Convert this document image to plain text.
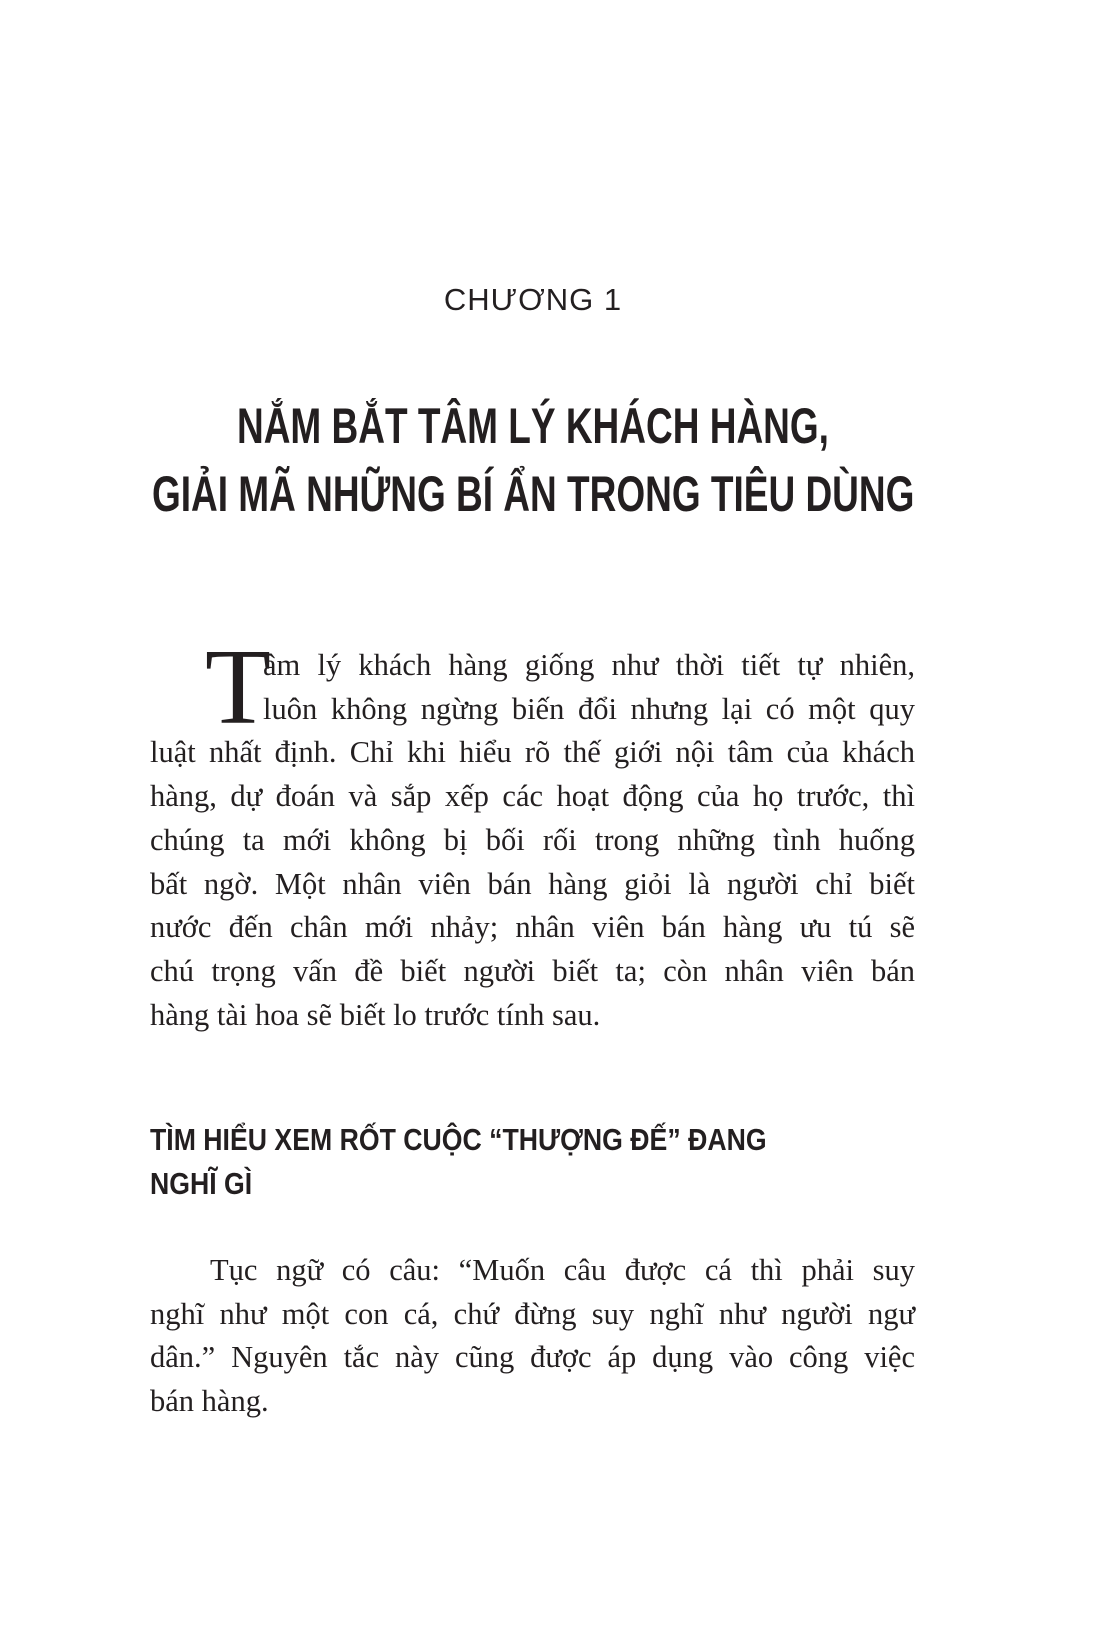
CHƯƠNG 1
NẮM BẮT TÂM LÝ KHÁCH HÀNG,
GIẢI MÃ NHỮNG BÍ ẨN TRONG TIÊU DÙNG
T
âm lý khách hàng giống như thời tiết tự nhiên,
luôn không ngừng biến đổi nhưng lại có một quy
luật nhất định. Chỉ khi hiểu rõ thế giới nội tâm của khách
hàng, dự đoán và sắp xếp các hoạt động của họ trước, thì
chúng ta mới không bị bối rối trong những tình huống
bất ngờ. Một nhân viên bán hàng giỏi là người chỉ biết
nước đến chân mới nhảy; nhân viên bán hàng ưu tú sẽ
chú trọng vấn đề biết người biết ta; còn nhân viên bán
hàng tài hoa sẽ biết lo trước tính sau.
TÌM HIỂU XEM RỐT CUỘC “THƯỢNG ĐẾ” ĐANG
NGHĨ GÌ
Tục ngữ có câu: “Muốn câu được cá thì phải suy
nghĩ như một con cá, chứ đừng suy nghĩ như người ngư
dân.” Nguyên tắc này cũng được áp dụng vào công việc
bán hàng.
